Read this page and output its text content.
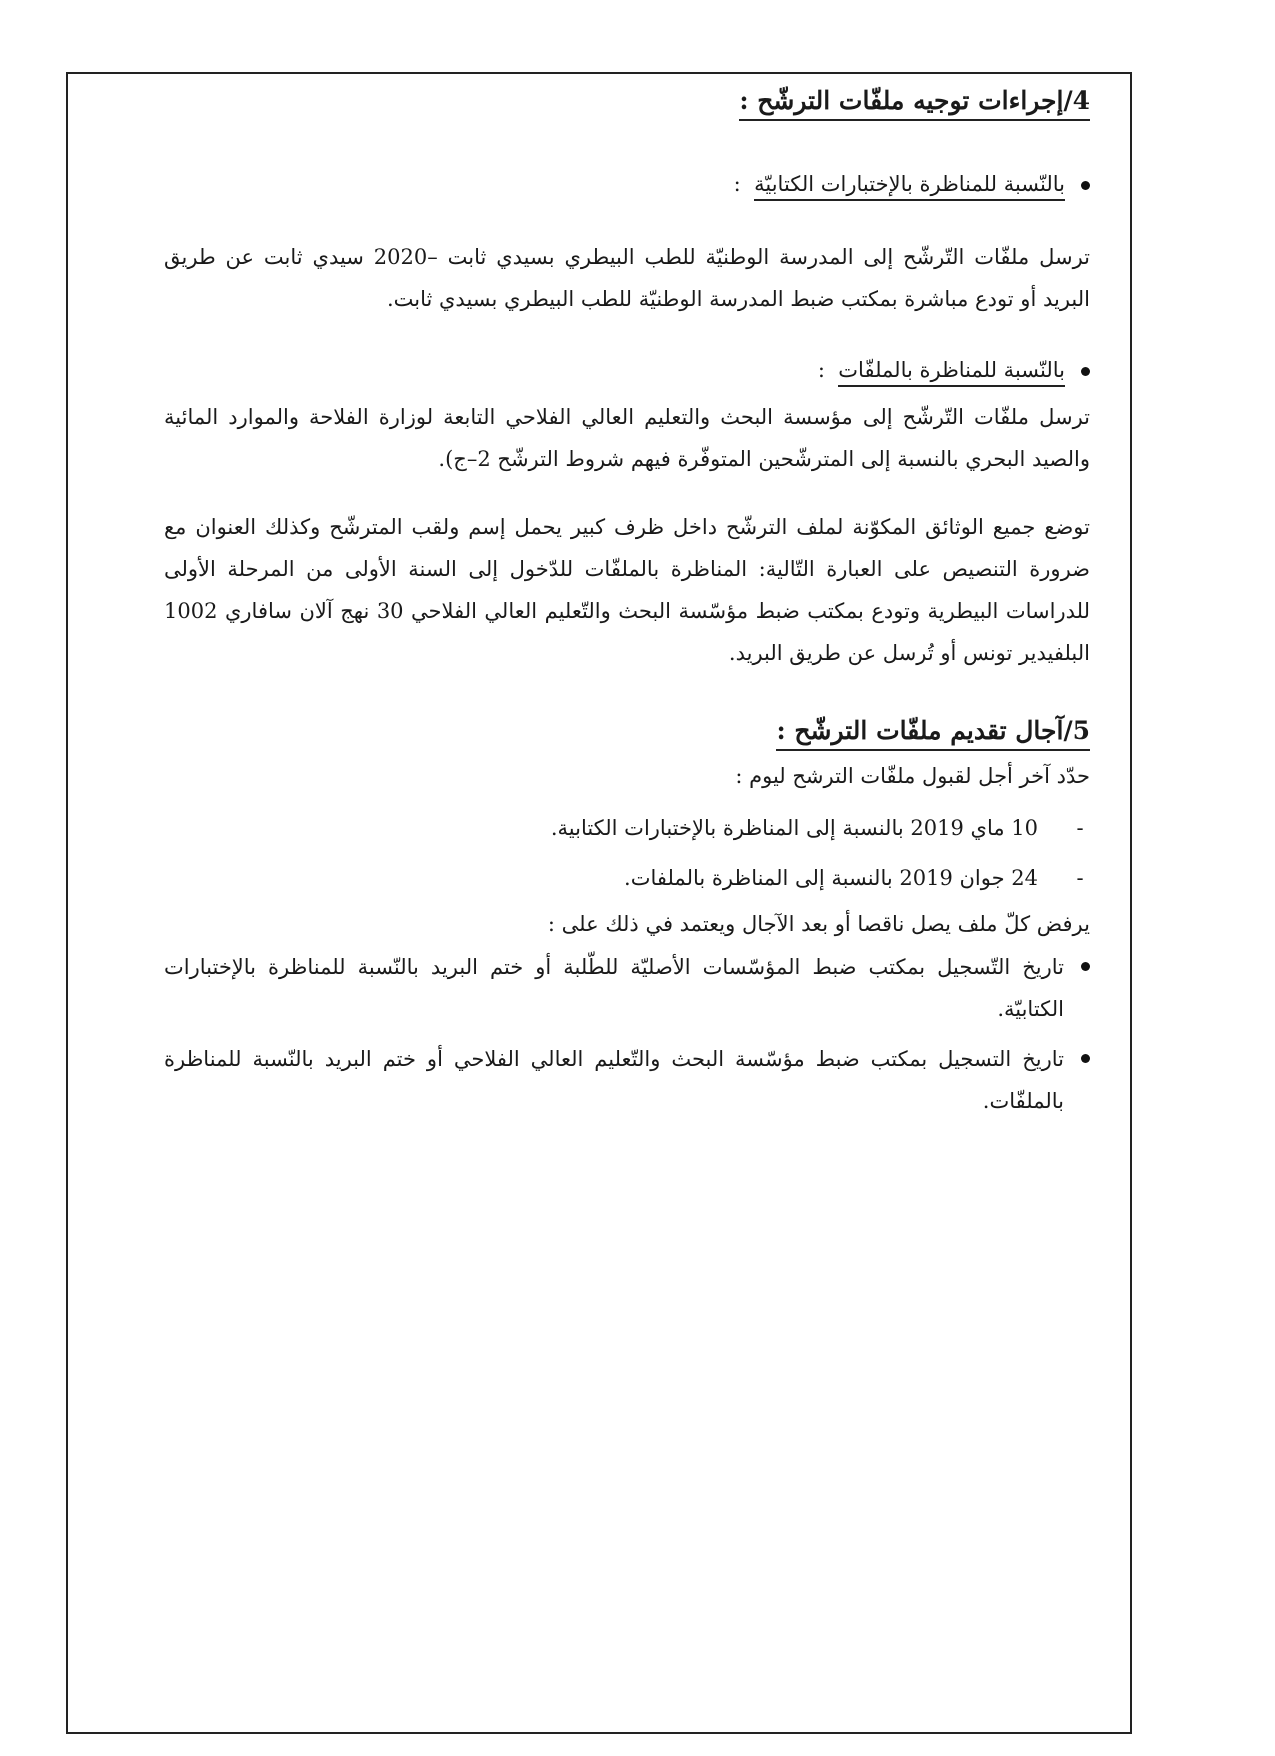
4/إجراءات توجيه ملفّات الترشّح :
بالنّسبة للمناظرة بالإختبارات الكتابيّة  :
ترسل ملفّات التّرشّح إلى المدرسة الوطنيّة للطب البيطري بسيدي ثابت –2020 سيدي ثابت عن طريق البريد أو تودع مباشرة بمكتب ضبط المدرسة الوطنيّة للطب البيطري بسيدي ثابت.
بالنّسبة للمناظرة بالملفّات  :
ترسل ملفّات التّرشّح إلى مؤسسة البحث والتعليم العالي الفلاحي التابعة لوزارة الفلاحة والموارد المائية والصيد البحري بالنسبة إلى المترشّحين المتوفّرة فيهم شروط الترشّح 2–ج).
توضع جميع الوثائق المكوّنة لملف الترشّح داخل ظرف كبير يحمل إسم ولقب المترشّح وكذلك العنوان مع ضرورة التنصيص على العبارة التّالية: المناظرة بالملفّات للدّخول إلى السنة الأولى من المرحلة الأولى للدراسات البيطرية وتودع بمكتب ضبط مؤسّسة البحث والتّعليم العالي الفلاحي 30 نهج آلان سافاري 1002 البلفيدير تونس أو تُرسل عن طريق البريد.
5/آجال تقديم ملفّات الترشّح :
حدّد آخر أجل لقبول ملفّات الترشح ليوم :
-10 ماي 2019 بالنسبة إلى المناظرة بالإختبارات الكتابية.
-24 جوان 2019 بالنسبة إلى المناظرة بالملفات.
يرفض كلّ ملف يصل ناقصا أو بعد الآجال ويعتمد في ذلك على :
تاريخ التّسجيل بمكتب ضبط المؤسّسات الأصليّة للطّلبة أو ختم البريد بالنّسبة للمناظرة بالإختبارات الكتابيّة.
تاريخ التسجيل بمكتب ضبط مؤسّسة البحث والتّعليم العالي الفلاحي أو ختم البريد بالنّسبة للمناظرة بالملفّات.
